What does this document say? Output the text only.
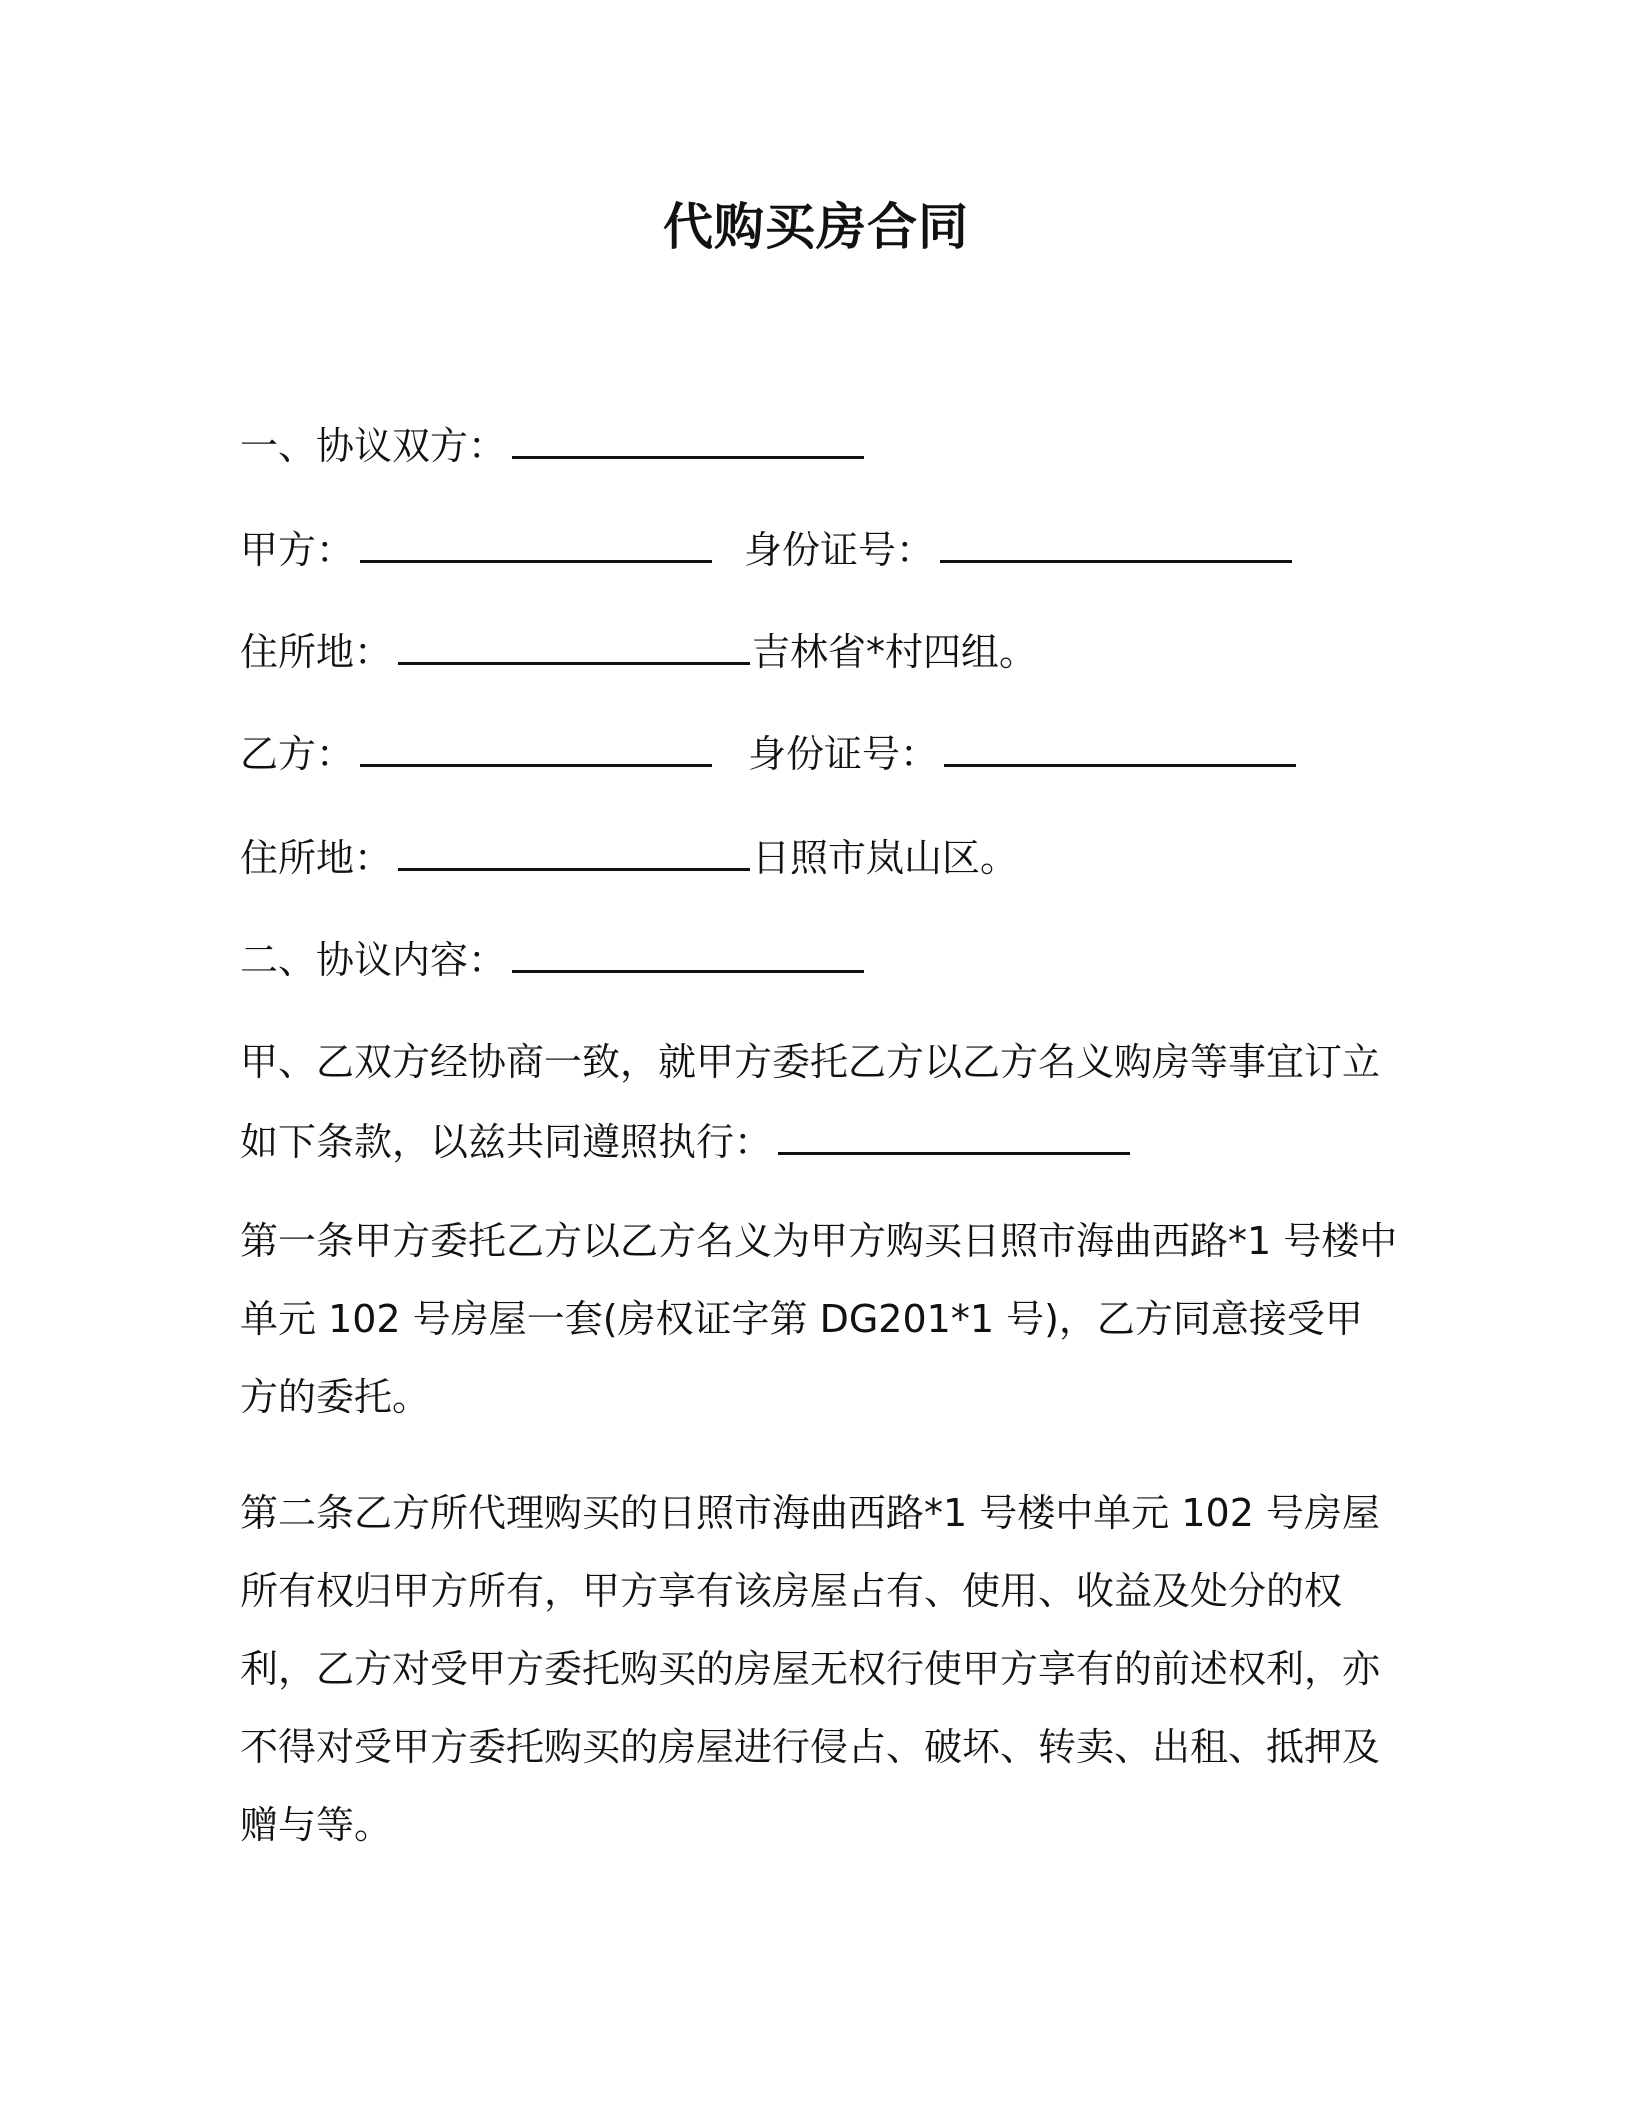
代购买房合同
一、协议双方：
甲方：	身份证号：
住所地：	吉林省*村四组。
乙方：	身份证号：
住所地：	日照市岚山区。
二、协议内容：
甲、乙双方经协商一致，就甲方委托乙方以乙方名义购房等事宜订立
如下条款，以兹共同遵照执行：
第一条甲方委托乙方以乙方名义为甲方购买日照市海曲西路*1 号楼中单元 102 号房屋一套(房权证字第 DG201*1 号)，乙方同意接受甲方的委托。
第二条乙方所代理购买的日照市海曲西路*1 号楼中单元 102 号房屋所有权归甲方所有，甲方享有该房屋占有、使用、收益及处分的权利，乙方对受甲方委托购买的房屋无权行使甲方享有的前述权利，亦不得对受甲方委托购买的房屋进行侵占、破坏、转卖、出租、抵押及赠与等。
